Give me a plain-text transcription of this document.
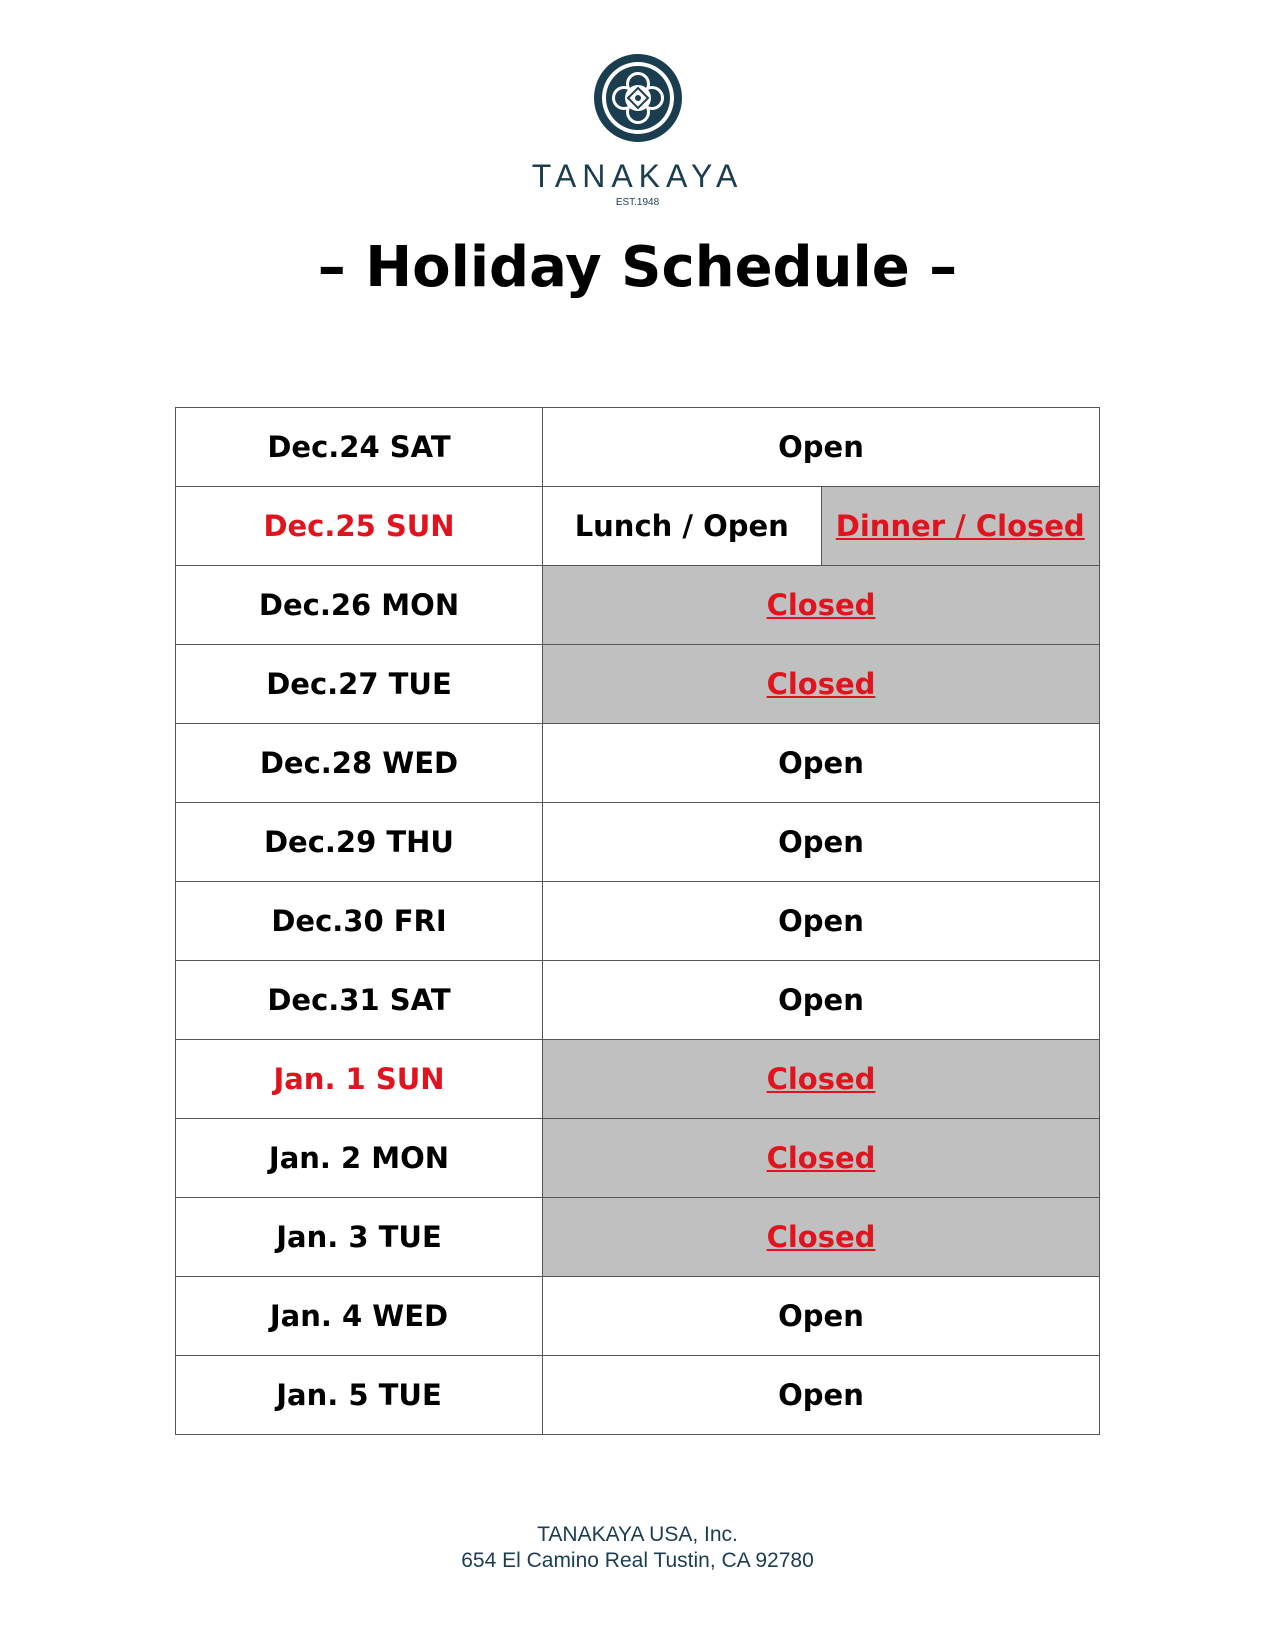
TANAKAYA
EST.1948
– Holiday Schedule –
Dec.24 SAT	Open	
Dec.25 SUN	Lunch / Open	Dinner / Closed
Dec.26 MON	Closed	
Dec.27 TUE	Closed	
Dec.28 WED	Open	
Dec.29 THU	Open	
Dec.30 FRI	Open	
Dec.31 SAT	Open	
Jan. 1 SUN	Closed	
Jan. 2 MON	Closed	
Jan. 3 TUE	Closed	
Jan. 4 WED	Open	
Jan. 5 TUE	Open	
TANAKAYA USA, Inc.
654 El Camino Real Tustin, CA 92780
